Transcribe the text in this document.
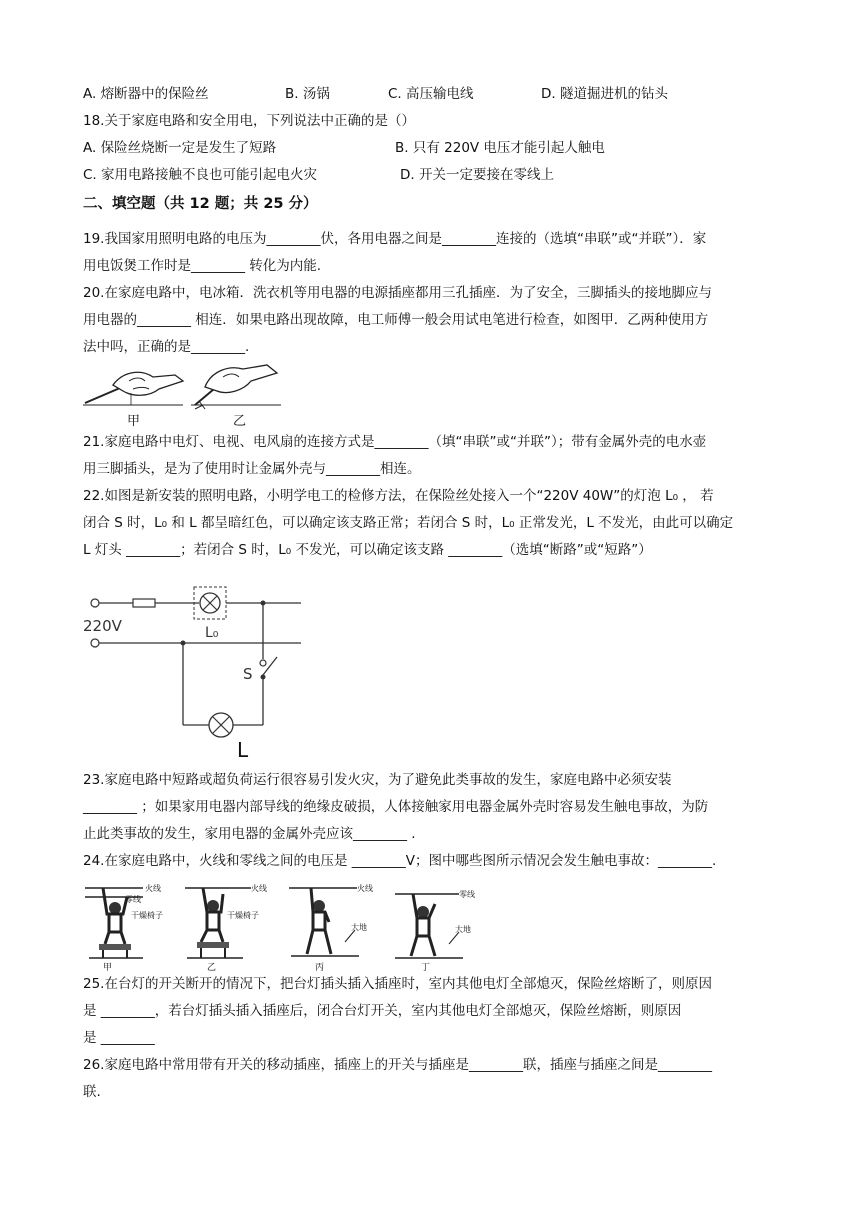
A. 熔断器中的保险丝	B. 汤锅	C. 高压输电线	D. 隧道掘进机的钻头
18.关于家庭电路和安全用电，下列说法中正确的是（）
A. 保险丝烧断一定是发生了短路	B. 只有 220V 电压才能引起人触电
C. 家用电路接触不良也可能引起电火灾	D. 开关一定要接在零线上
二、填空题（共 12 题；共 25 分）
19.我国家用照明电路的电压为________伏，各用电器之间是________连接的（选填“串联”或“并联”）．家
用电饭煲工作时是________ 转化为内能.
20.在家庭电路中，电冰箱．洗衣机等用电器的电源插座都用三孔插座．为了安全，三脚插头的接地脚应与
用电器的________ 相连．如果电路出现故障，电工师傅一般会用试电笔进行检查，如图甲．乙两种使用方
法中吗，正确的是________.
甲	乙
21.家庭电路中电灯、电视、电风扇的连接方式是________（填“串联”或“并联”）；带有金属外壳的电水壶
用三脚插头，是为了使用时让金属外壳与________相连。
22.如图是新安装的照明电路，小明学电工的检修方法，在保险丝处接入一个“220V 40W”的灯泡 L₀ ， 若
闭合 S 时，L₀ 和 L 都呈暗红色，可以确定该支路正常；若闭合 S 时，L₀ 正常发光，L 不发光，由此可以确定
L 灯头 ________；若闭合 S 时，L₀ 不发光，可以确定该支路 ________（选填“断路”或“短路”）
220V	L₀
S
L
23.家庭电路中短路或超负荷运行很容易引发火灾，为了避免此类事故的发生，家庭电路中必须安装
________ ；如果家用电器内部导线的绝缘皮破损，人体接触家用电器金属外壳时容易发生触电事故，为防
止此类事故的发生，家用电器的金属外壳应该________ .
24.在家庭电路中，火线和零线之间的电压是 ________V；图中哪些图所示情况会发生触电事故：________.
火线
零线
干燥椅子
火线
干燥椅子
火线
大地
零线
大地
甲	乙	丙	丁
25.在台灯的开关断开的情况下，把台灯插头插入插座时，室内其他电灯全部熄灭，保险丝熔断了，则原因
是 ________，若台灯插头插入插座后，闭合台灯开关，室内其他电灯全部熄灭，保险丝熔断，则原因
是 ________
26.家庭电路中常用带有开关的移动插座，插座上的开关与插座是________联，插座与插座之间是________
联.
